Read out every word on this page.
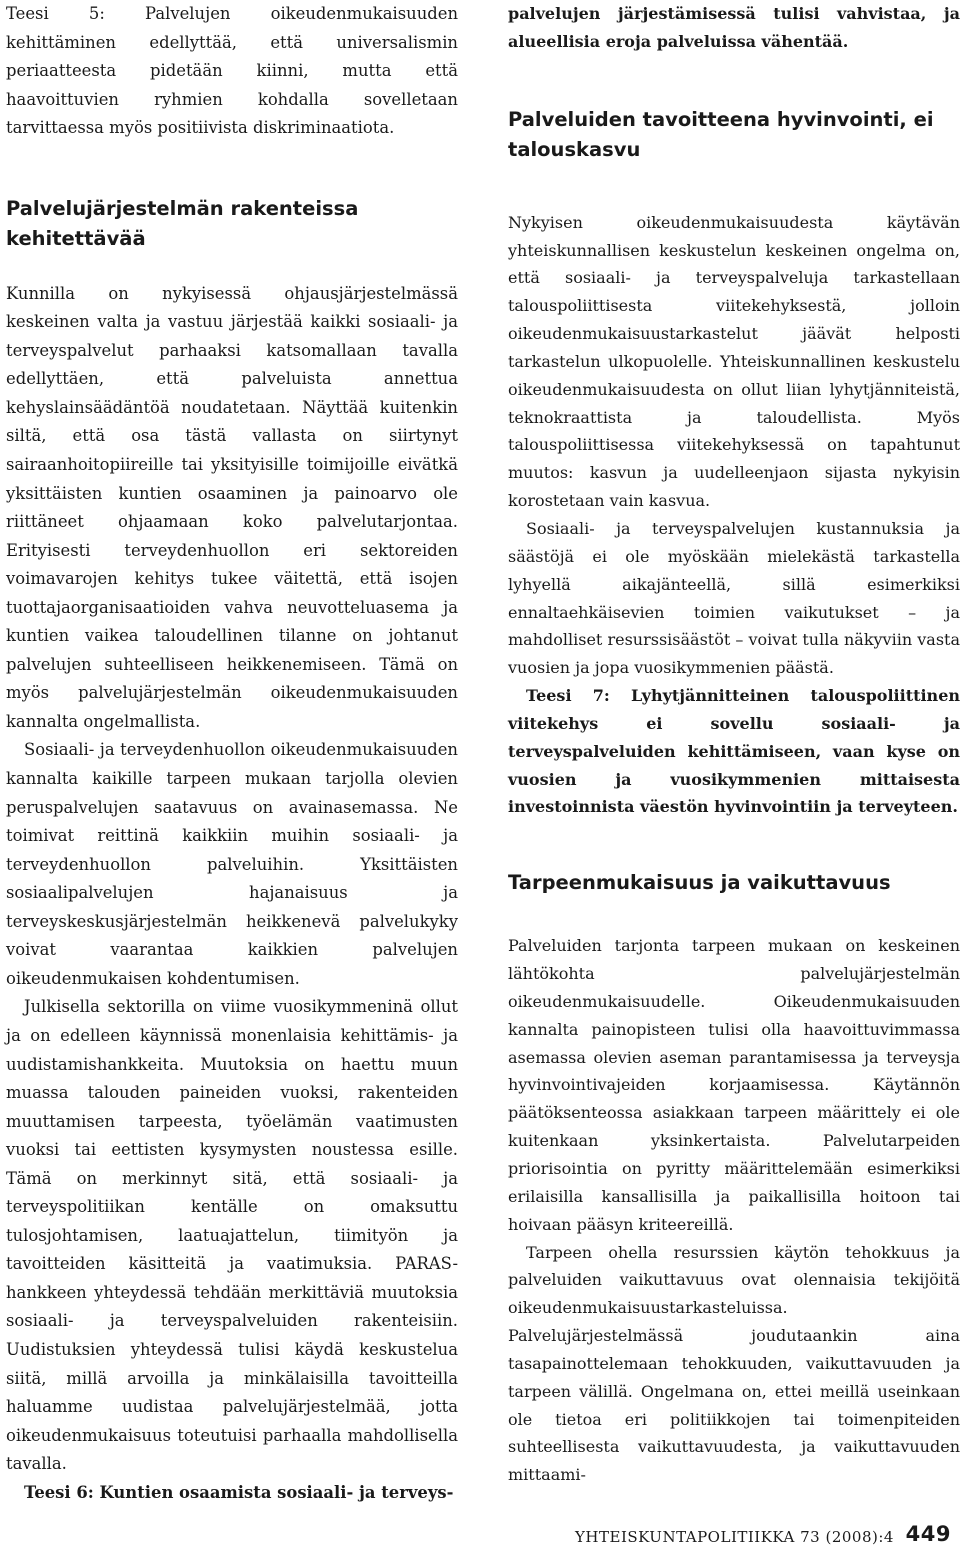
Teesi 5: Palvelujen oikeudenmukaisuuden kehittäminen edellyttää, että universalismin periaatteesta pidetään kiinni, mutta että haavoittuvien ryhmien kohdalla sovelletaan tarvittaessa myös positiivista diskriminaatiota.

Palvelujärjestelmän rakenteissa kehitettävää

Kunnilla on nykyisessä ohjausjärjestelmässä keskeinen valta ja vastuu järjestää kaikki sosiaali- ja terveyspalvelut parhaaksi katsomallaan tavalla edellyttäen, että palveluista annettua kehyslainsäädäntöä noudatetaan. Näyttää kuitenkin siltä, että osa tästä vallasta on siirtynyt sairaanhoitopiireille tai yksityisille toimijoille eivätkä yksittäisten kuntien osaaminen ja painoarvo ole riittäneet ohjaamaan koko palvelutarjontaa. Erityisesti terveydenhuollon eri sektoreiden voimavarojen kehitys tukee väitettä, että isojen tuottajaorganisaatioiden vahva neuvotteluasema ja kuntien vaikea taloudellinen tilanne on johtanut palvelujen suhteelliseen heikkenemiseen. Tämä on myös palvelujärjestelmän oikeudenmukaisuuden kannalta ongelmallista.

Sosiaali- ja terveydenhuollon oikeudenmukaisuuden kannalta kaikille tarpeen mukaan tarjolla olevien peruspalvelujen saatavuus on avainasemassa. Ne toimivat reittinä kaikkiin muihin sosiaali- ja terveydenhuollon palveluihin. Yksittäisten sosiaalipalvelujen hajanaisuus ja terveyskeskusjärjestelmän heikkenevä palvelukyky voivat vaarantaa kaikkien palvelujen oikeudenmukaisen kohdentumisen.

Julkisella sektorilla on viime vuosikymmeninä ollut ja on edelleen käynnissä monenlaisia kehittämis- ja uudistamishankkeita. Muutoksia on haettu muun muassa talouden paineiden vuoksi, rakenteiden muuttamisen tarpeesta, työelämän vaatimusten vuoksi tai eettisten kysymysten noustessa esille. Tämä on merkinnyt sitä, että sosiaali- ja terveyspolitiikan kentälle on omaksuttu tulosjohtamisen, laatuajattelun, tiimityön ja tavoitteiden käsitteitä ja vaatimuksia. PARAS-hankkeen yhteydessä tehdään merkittäviä muutoksia sosiaali- ja terveyspalveluiden rakenteisiin. Uudistuksien yhteydessä tulisi käydä keskustelua siitä, millä arvoilla ja minkälaisilla tavoitteilla haluamme uudistaa palvelujärjestelmää, jotta oikeudenmukaisuus toteutuisi parhaalla mahdollisella tavalla.

Teesi 6: Kuntien osaamista sosiaali- ja terveys-

palvelujen järjestämisessä tulisi vahvistaa, ja alueellisia eroja palveluissa vähentää.

Palveluiden tavoitteena hyvinvointi, ei talouskasvu

Nykyisen oikeudenmukaisuudesta käytävän yhteiskunnallisen keskustelun keskeinen ongelma on, että sosiaali- ja terveyspalveluja tarkastellaan talouspoliittisesta viitekehyksestä, jolloin oikeudenmukaisuustarkastelut jäävät helposti tarkastelun ulkopuolelle. Yhteiskunnallinen keskustelu oikeudenmukaisuudesta on ollut liian lyhytjänniteistä, teknokraattista ja taloudellista. Myös talouspoliittisessa viitekehyksessä on tapahtunut muutos: kasvun ja uudelleenjaon sijasta nykyisin korostetaan vain kasvua.

Sosiaali- ja terveyspalvelujen kustannuksia ja säästöjä ei ole myöskään mielekästä tarkastella lyhyellä aikajänteellä, sillä esimerkiksi ennaltaehkäisevien toimien vaikutukset – ja mahdolliset resurssisäästöt – voivat tulla näkyviin vasta vuosien ja jopa vuosikymmenien päästä.

Teesi 7: Lyhytjännitteinen talouspoliittinen viitekehys ei sovellu sosiaali- ja terveyspalveluiden kehittämiseen, vaan kyse on vuosien ja vuosikymmenien mittaisesta investoinnista väestön hyvinvointiin ja terveyteen.

Tarpeenmukaisuus ja vaikuttavuus

Palveluiden tarjonta tarpeen mukaan on keskeinen lähtökohta palvelujärjestelmän oikeudenmukaisuudelle. Oikeudenmukaisuuden kannalta painopisteen tulisi olla haavoittuvimmassa asemassa olevien aseman parantamisessa ja terveysja hyvinvointivajeiden korjaamisessa. Käytännön päätöksenteossa asiakkaan tarpeen määrittely ei ole kuitenkaan yksinkertaista. Palvelutarpeiden priorisointia on pyritty määrittelemään esimerkiksi erilaisilla kansallisilla ja paikallisilla hoitoon tai hoivaan pääsyn kriteereillä.

Tarpeen ohella resurssien käytön tehokkuus ja palveluiden vaikuttavuus ovat olennaisia tekijöitä oikeudenmukaisuustarkasteluissa. Palvelujärjestelmässä joudutaankin aina tasapainottelemaan tehokkuuden, vaikuttavuuden ja tarpeen välillä. Ongelmana on, ettei meillä useinkaan ole tietoa eri politiikkojen tai toimenpiteiden suhteellisesta vaikuttavuudesta, ja vaikuttavuuden mittaami-

YHTEISKUNTAPOLITIIKKA 73 (2008):4 449
